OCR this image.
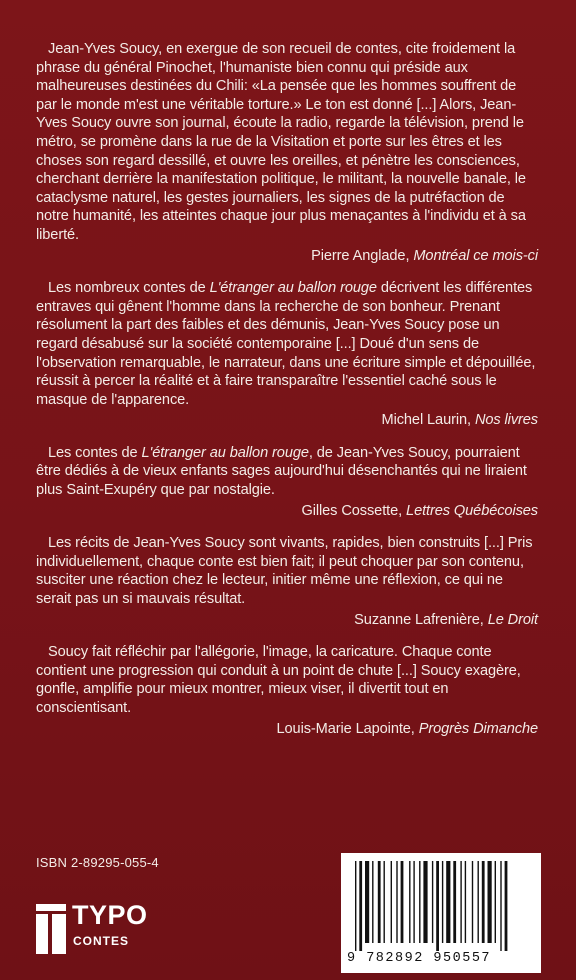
Jean-Yves Soucy, en exergue de son recueil de contes, cite froidement la phrase du général Pinochet, l'humaniste bien connu qui préside aux malheureuses destinées du Chili: «La pensée que les hommes souffrent de par le monde m'est une véritable torture.» Le ton est donné [...] Alors, Jean-Yves Soucy ouvre son journal, écoute la radio, regarde la télévision, prend le métro, se promène dans la rue de la Visitation et porte sur les êtres et les choses son regard dessillé, et ouvre les oreilles, et pénètre les consciences, cherchant derrière la manifestation politique, le militant, la nouvelle banale, le cataclysme naturel, les gestes journaliers, les signes de la putréfaction de notre humanité, les atteintes chaque jour plus menaçantes à l'individu et à sa liberté.

Pierre Anglade, Montréal ce mois-ci

Les nombreux contes de L'étranger au ballon rouge décrivent les différentes entraves qui gênent l'homme dans la recherche de son bonheur. Prenant résolument la part des faibles et des démunis, Jean-Yves Soucy pose un regard désabusé sur la société contemporaine [...] Doué d'un sens de l'observation remarquable, le narrateur, dans une écriture simple et dépouillée, réussit à percer la réalité et à faire transparaître l'essentiel caché sous le masque de l'apparence.

Michel Laurin, Nos livres

Les contes de L'étranger au ballon rouge, de Jean-Yves Soucy, pourraient être dédiés à de vieux enfants sages aujourd'hui désenchantés qui ne liraient plus Saint-Exupéry que par nostalgie.

Gilles Cossette, Lettres Québécoises

Les récits de Jean-Yves Soucy sont vivants, rapides, bien construits [...] Pris individuellement, chaque conte est bien fait; il peut choquer par son contenu, susciter une réaction chez le lecteur, initier même une réflexion, ce qui ne serait pas un si mauvais résultat.

Suzanne Lafrenière, Le Droit

Soucy fait réfléchir par l'allégorie, l'image, la caricature. Chaque conte contient une progression qui conduit à un point de chute [...] Soucy exagère, gonfle, amplifie pour mieux montrer, mieux viser, il divertit tout en conscientisant.

Louis-Marie Lapointe, Progrès Dimanche

ISBN 2-89295-055-4
TYPO
CONTES
9 782892 950557
